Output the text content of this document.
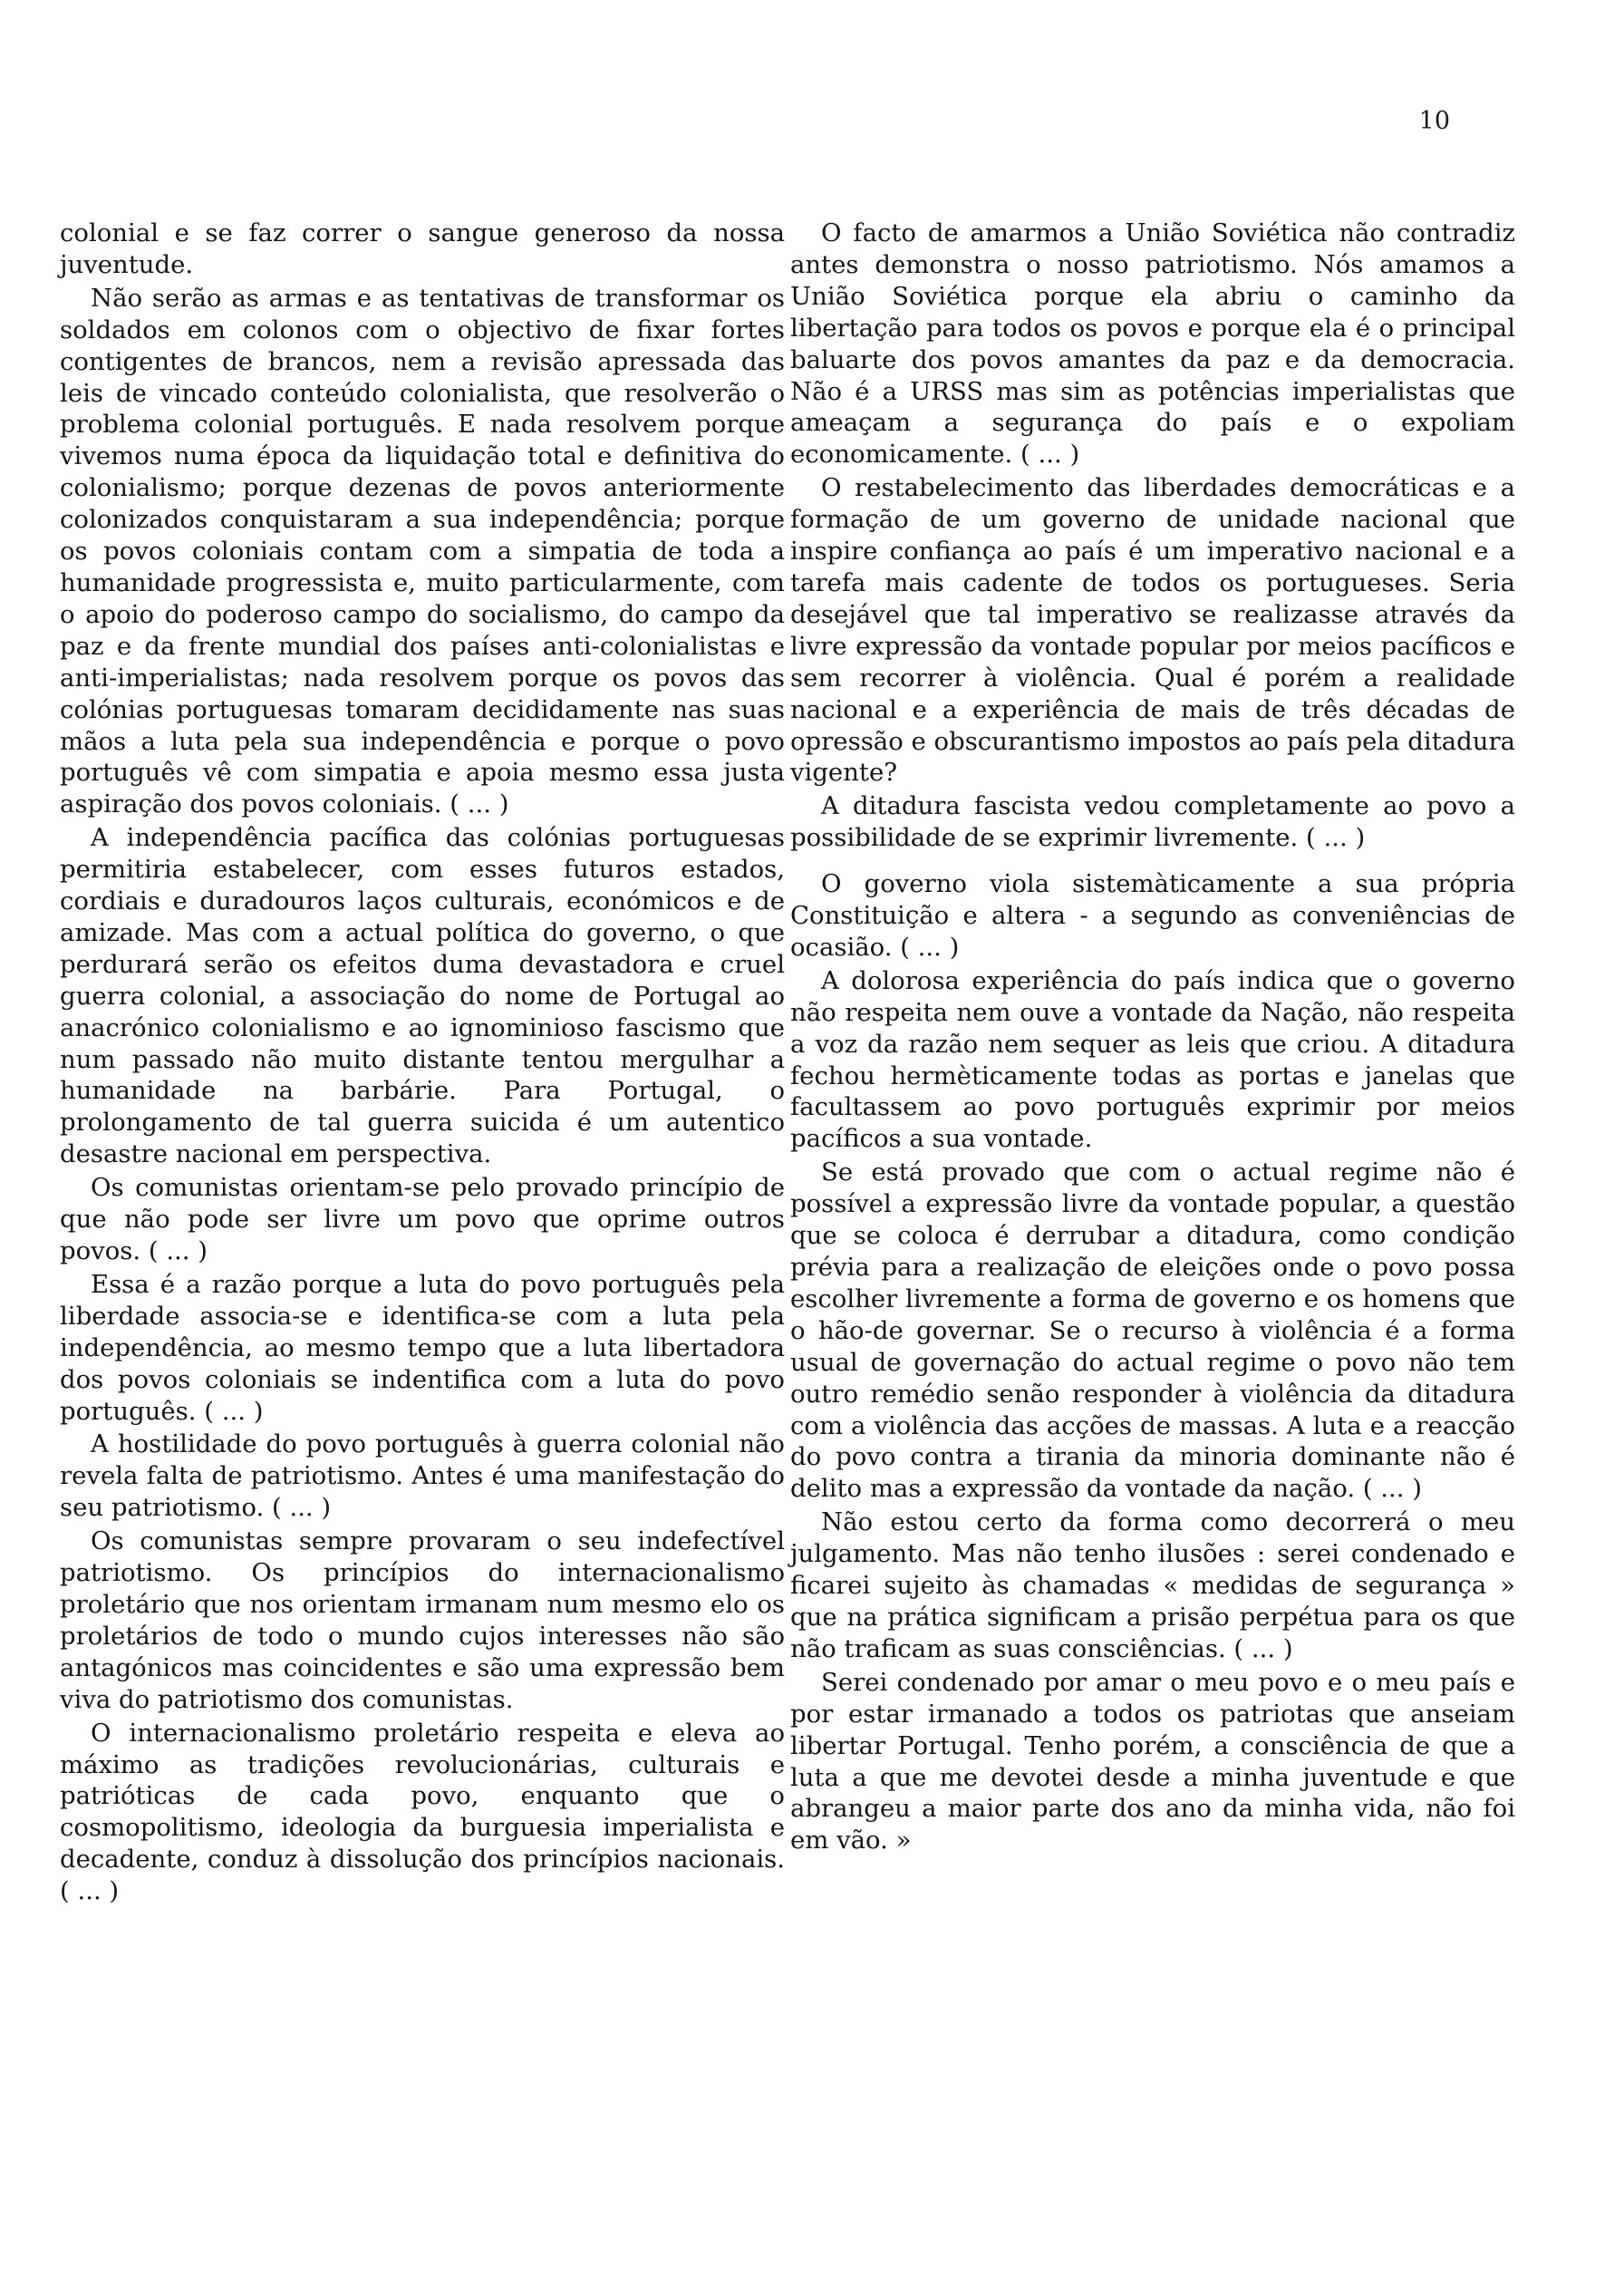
10

colonial e se faz correr o sangue generoso da nossa juventude.

Não serão as armas e as tentativas de transformar os soldados em colonos com o objectivo de fixar fortes contigentes de brancos, nem a revisão apressada das leis de vincado conteúdo colonialista, que resolverão o problema colonial português. E nada resolvem porque vivemos numa época da liquidação total e definitiva do colonialismo; porque dezenas de povos anteriormente colonizados conquistaram a sua independência; porque os povos coloniais contam com a simpatia de toda a humanidade progressista e, muito particularmente, com o apoio do poderoso campo do socialismo, do campo da paz e da frente mundial dos países anti-colonialistas e anti-imperialistas; nada resolvem porque os povos das colónias portuguesas tomaram decididamente nas suas mãos a luta pela sua independência e porque o povo português vê com simpatia e apoia mesmo essa justa aspiração dos povos coloniais. ( ... )

A independência pacífica das colónias portuguesas permitiria estabelecer, com esses futuros estados, cordiais e duradouros laços culturais, económicos e de amizade. Mas com a actual política do governo, o que perdurará serão os efeitos duma devastadora e cruel guerra colonial, a associação do nome de Portugal ao anacrónico colonialismo e ao ignominioso fascismo que num passado não muito distante tentou mergulhar a humanidade na barbárie. Para Portugal, o prolongamento de tal guerra suicida é um autentico desastre nacional em perspectiva.

Os comunistas orientam-se pelo provado princípio de que não pode ser livre um povo que oprime outros povos. ( ... )

Essa é a razão porque a luta do povo português pela liberdade associa-se e identifica-se com a luta pela independência, ao mesmo tempo que a luta libertadora dos povos coloniais se indentifica com a luta do povo português. ( ... )

A hostilidade do povo português à guerra colonial não revela falta de patriotismo. Antes é uma manifestação do seu patriotismo. ( ... )

Os comunistas sempre provaram o seu indefectível patriotismo. Os princípios do internacionalismo proletário que nos orientam irmanam num mesmo elo os proletários de todo o mundo cujos interesses não são antagónicos mas coincidentes e são uma expressão bem viva do patriotismo dos comunistas.

O internacionalismo proletário respeita e eleva ao máximo as tradições revolucionárias, culturais e patrióticas de cada povo, enquanto que o cosmopolitismo, ideologia da burguesia imperialista e decadente, conduz à dissolução dos princípios nacionais. ( ... )

O facto de amarmos a União Soviética não contradiz antes demonstra o nosso patriotismo. Nós amamos a União Soviética porque ela abriu o caminho da libertação para todos os povos e porque ela é o principal baluarte dos povos amantes da paz e da democracia. Não é a URSS mas sim as potências imperialistas que ameaçam a segurança do país e o expoliam economicamente. ( ... )

O restabelecimento das liberdades democráticas e a formação de um governo de unidade nacional que inspire confiança ao país é um imperativo nacional e a tarefa mais cadente de todos os portugueses. Seria desejável que tal imperativo se realizasse através da livre expressão da vontade popular por meios pacíficos e sem recorrer à violência. Qual é porém a realidade nacional e a experiência de mais de três décadas de opressão e obscurantismo impostos ao país pela ditadura vigente?

A ditadura fascista vedou completamente ao povo a possibilidade de se exprimir livremente. ( ... )

O governo viola sistemàticamente a sua própria Constituição e altera - a segundo as conveniências de ocasião. ( ... )

A dolorosa experiência do país indica que o governo não respeita nem ouve a vontade da Nação, não respeita a voz da razão nem sequer as leis que criou. A ditadura fechou hermèticamente todas as portas e janelas que facultassem ao povo português exprimir por meios pacíficos a sua vontade.

Se está provado que com o actual regime não é possível a expressão livre da vontade popular, a questão que se coloca é derrubar a ditadura, como condição prévia para a realização de eleições onde o povo possa escolher livremente a forma de governo e os homens que o hão-de governar. Se o recurso à violência é a forma usual de governação do actual regime o povo não tem outro remédio senão responder à violência da ditadura com a violência das acções de massas. A luta e a reacção do povo contra a tirania da minoria dominante não é delito mas a expressão da vontade da nação. ( ... )

Não estou certo da forma como decorrerá o meu julgamento. Mas não tenho ilusões : serei condenado e ficarei sujeito às chamadas « medidas de segurança » que na prática significam a prisão perpétua para os que não traficam as suas consciências. ( ... )

Serei condenado por amar o meu povo e o meu país e por estar irmanado a todos os patriotas que anseiam libertar Portugal. Tenho porém, a consciência de que a luta a que me devotei desde a minha juventude e que abrangeu a maior parte dos ano da minha vida, não foi em vão. »
